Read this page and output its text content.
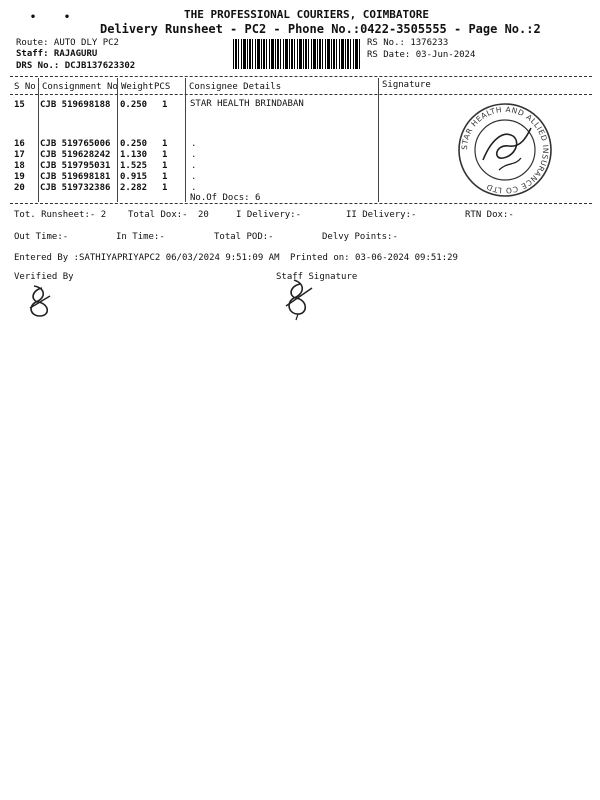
•	•	THE PROFESSIONAL COURIERS, COIMBATORE
Delivery Runsheet - PC2 - Phone No.:0422-3505555 - Page No.:2
Route: AUTO DLY PC2
Staff: RAJAGURU
DRS No.: DCJB137623302
RS No.: 1376233
RS Date: 03-Jun-2024
S No Consignment No Weight PCS Consignee Details	Signature
15 CJB 519698188 0.250 1	STAR HEALTH BRINDABAN
16 CJB 519765006 0.250 1	.
17 CJB 519628242 1.130 1	.
18 CJB 519795031 1.525 1	.
19 CJB 519698181 0.915 1	.
20 CJB 519732386 2.282 1	.
No.Of Docs: 6
STAR HEALTH AND ALLIED INSURANCE CO LTD
Tot. Runsheet:- 2 Total Dox:- 20	I Delivery:-	II Delivery:-	RTN Dox:-
Out Time:-	In Time:-	Total POD:-	Delvy Points:-
Entered By :SATHIYAPRIYAPC2 06/03/2024 9:51:09 AM Printed on: 03-06-2024 09:51:29
Verified By	Staff Signature
